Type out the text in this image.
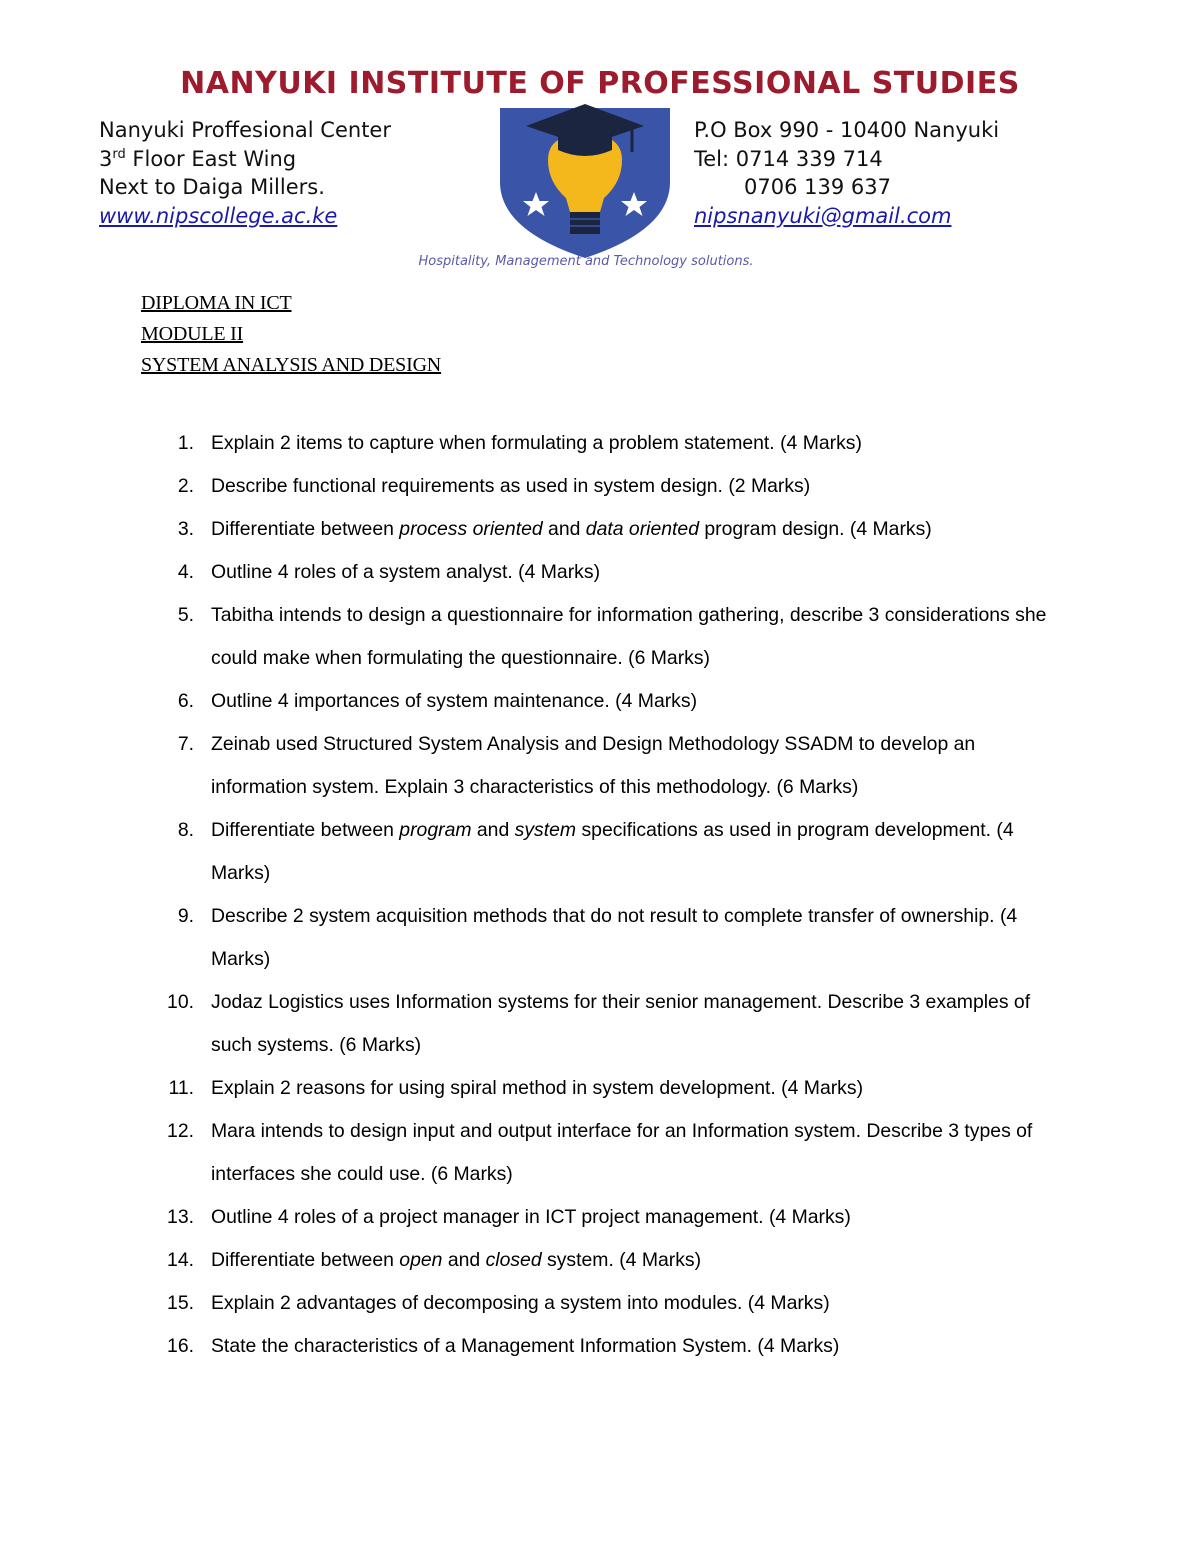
NANYUKI INSTITUTE OF PROFESSIONAL STUDIES
Nanyuki Proffesional Center
3rd Floor East Wing
Next to Daiga Millers.
www.nipscollege.ac.ke
P.O Box 990 - 10400 Nanyuki
Tel: 0714 339 714
0706 139 637
nipsnanyuki@gmail.com
Hospitality, Management and Technology solutions.
DIPLOMA IN ICT
MODULE II
SYSTEM ANALYSIS AND DESIGN
1. Explain 2 items to capture when formulating a problem statement. (4 Marks)
2. Describe functional requirements as used in system design. (2 Marks)
3. Differentiate between process oriented and data oriented program design. (4 Marks)
4. Outline 4 roles of a system analyst. (4 Marks)
5. Tabitha intends to design a questionnaire for information gathering, describe 3 considerations she could make when formulating the questionnaire. (6 Marks)
6. Outline 4 importances of system maintenance. (4 Marks)
7. Zeinab used Structured System Analysis and Design Methodology SSADM to develop an information system. Explain 3 characteristics of this methodology. (6 Marks)
8. Differentiate between program and system specifications as used in program development. (4 Marks)
9. Describe 2 system acquisition methods that do not result to complete transfer of ownership. (4 Marks)
10. Jodaz Logistics uses Information systems for their senior management. Describe 3 examples of such systems. (6 Marks)
11. Explain 2 reasons for using spiral method in system development. (4 Marks)
12. Mara intends to design input and output interface for an Information system. Describe 3 types of interfaces she could use. (6 Marks)
13. Outline 4 roles of a project manager in ICT project management. (4 Marks)
14. Differentiate between open and closed system. (4 Marks)
15. Explain 2 advantages of decomposing a system into modules. (4 Marks)
16. State the characteristics of a Management Information System. (4 Marks)
